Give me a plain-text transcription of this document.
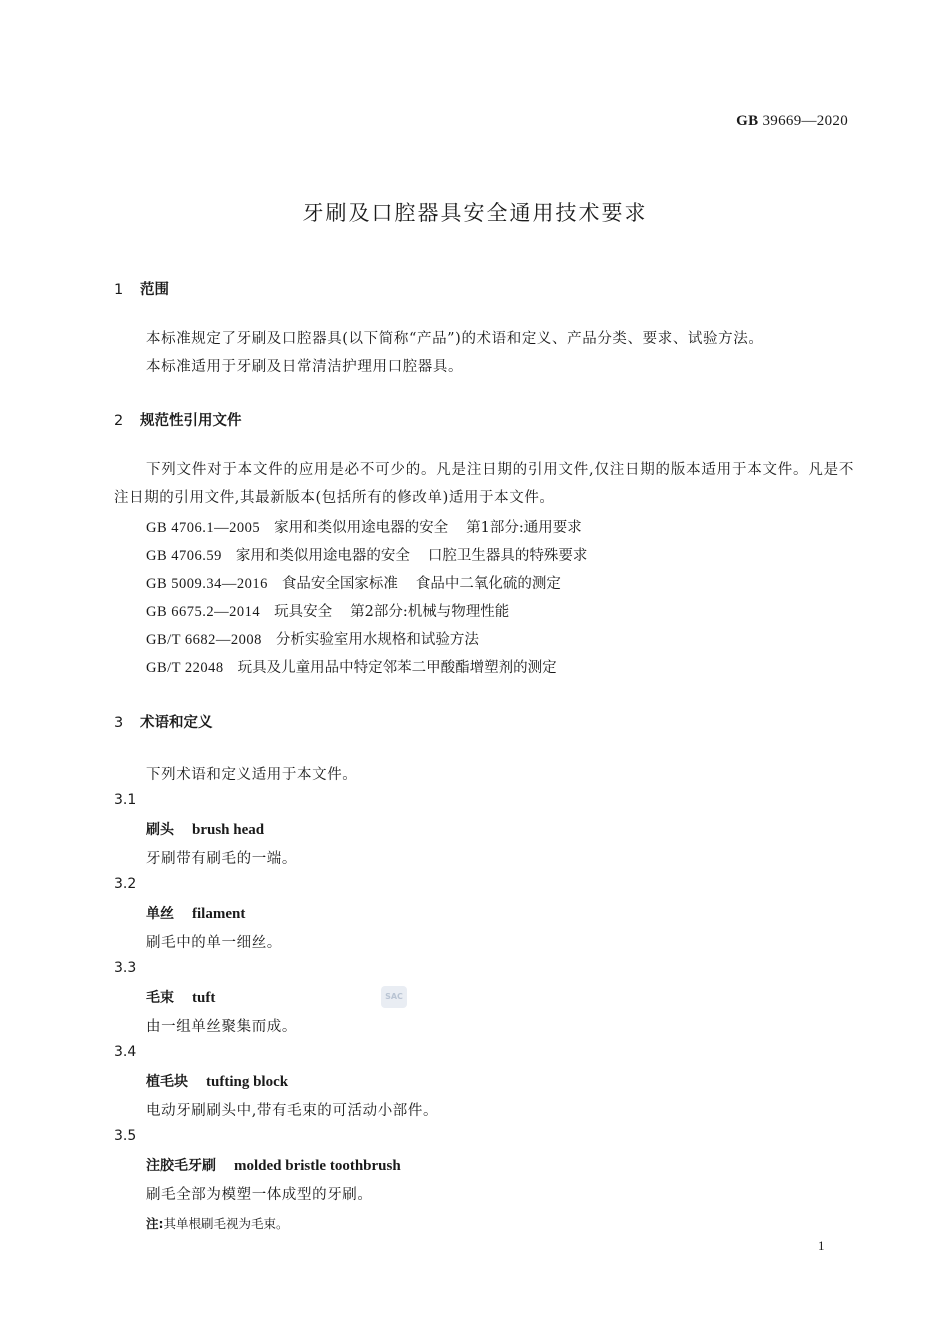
GB 39669—2020
牙刷及口腔器具安全通用技术要求
1 范围
本标准规定了牙刷及口腔器具(以下简称“产品”)的术语和定义、产品分类、要求、试验方法。
本标准适用于牙刷及日常清洁护理用口腔器具。
2 规范性引用文件
下列文件对于本文件的应用是必不可少的。凡是注日期的引用文件,仅注日期的版本适用于本文件。凡是不注日期的引用文件,其最新版本(包括所有的修改单)适用于本文件。
GB 4706.1—2005 家用和类似用途电器的安全 第1部分:通用要求
GB 4706.59 家用和类似用途电器的安全 口腔卫生器具的特殊要求
GB 5009.34—2016 食品安全国家标准 食品中二氧化硫的测定
GB 6675.2—2014 玩具安全 第2部分:机械与物理性能
GB/T 6682—2008 分析实验室用水规格和试验方法
GB/T 22048 玩具及儿童用品中特定邻苯二甲酸酯增塑剂的测定
3 术语和定义
下列术语和定义适用于本文件。
3.1
刷头 brush head
牙刷带有刷毛的一端。
3.2
单丝 filament
刷毛中的单一细丝。
3.3
毛束 tuft	SAC
由一组单丝聚集而成。
3.4
植毛块 tufting block
电动牙刷刷头中,带有毛束的可活动小部件。
3.5
注胶毛牙刷 molded bristle toothbrush
刷毛全部为模塑一体成型的牙刷。
注:其单根刷毛视为毛束。
1
